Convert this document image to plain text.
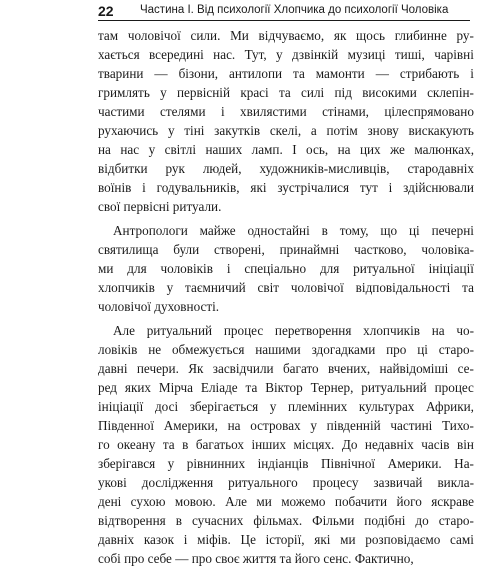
22	Частина I. Від психології Хлопчика до психології Чоловіка
там чоловічої сили. Ми відчуваємо, як щось глибинне ру-
хається всередині нас. Тут, у дзвінкій музиці тиші, чарівні
тварини — бізони, антилопи та мамонти — стрибають і
гримлять у первісній красі та силі під високими склепін-
частими стелями і хвилястими стінами, цілеспрямовано
рухаючись у тіні закутків скелі, а потім знову вискакують
на нас у світлі наших ламп. І ось, на цих же малюнках,
відбитки рук людей, художників-мисливців, стародавніх
воїнів і годувальників, які зустрічалися тут і здійснювали
свої первісні ритуали.
Антропологи майже одностайні в тому, що ці печерні
святилища були створені, принаймні частково, чоловіка-
ми для чоловіків і спеціально для ритуальної ініціації
хлопчиків у таємничий світ чоловічої відповідальності та
чоловічої духовності.
Але ритуальний процес перетворення хлопчиків на чо-
ловіків не обмежується нашими здогадками про ці старо-
давні печери. Як засвідчили багато вчених, найвідоміші се-
ред яких Мірча Еліаде та Віктор Тернер, ритуальний процес
ініціації досі зберігається у племінних культурах Африки,
Південної Америки, на островах у південній частині Тихо-
го океану та в багатьох інших місцях. До недавніх часів він
зберігався у рівнинних індіанців Північної Америки. На-
укові дослідження ритуального процесу зазвичай викла-
дені сухою мовою. Але ми можемо побачити його яскраве
відтворення в сучасних фільмах. Фільми подібні до старо-
давніх казок і міфів. Це історії, які ми розповідаємо самі
собі про себе — про своє життя та його сенс. Фактично,
